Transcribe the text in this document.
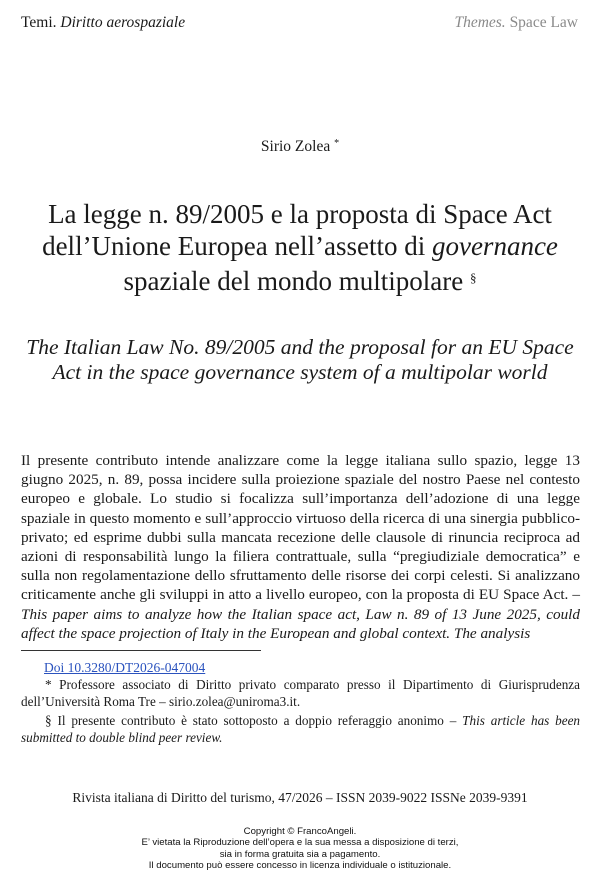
Temi. Diritto aerospaziale	Themes. Space Law
Sirio Zolea *
La legge n. 89/2005 e la proposta di Space Act dell’Unione Europea nell’assetto di governance spaziale del mondo multipolare §

The Italian Law No. 89/2005 and the proposal for an EU Space Act in the space governance system of a multipolar world

Il presente contributo intende analizzare come la legge italiana sullo spazio, legge 13 giugno 2025, n. 89, possa incidere sulla proiezione spaziale del nostro Paese nel contesto europeo e globale. Lo studio si focalizza sull’importanza dell’adozione di una legge spaziale in questo momento e sull’approccio virtuoso della ricerca di una sinergia pubblico-privato; ed esprime dubbi sulla mancata recezione delle clausole di rinuncia reciproca ad azioni di responsabilità lungo la filiera contrattuale, sulla “pregiudiziale democratica” e sulla non regolamentazione dello sfruttamento delle risorse dei corpi celesti. Si analizzano criticamente anche gli sviluppi in atto a livello europeo, con la proposta di EU Space Act. – This paper aims to analyze how the Italian space act, Law n. 89 of 13 June 2025, could affect the space projection of Italy in the European and global context. The analysis

Doi 10.3280/DT2026-047004

* Professore associato di Diritto privato comparato presso il Dipartimento di Giurisprudenza dell’Università Roma Tre – sirio.zolea@uniroma3.it.

§ Il presente contributo è stato sottoposto a doppio referaggio anonimo – This article has been submitted to double blind peer review.

Rivista italiana di Diritto del turismo, 47/2026 – ISSN 2039-9022 ISSNe 2039-9391
Copyright © FrancoAngeli.
E’ vietata la Riproduzione dell’opera e la sua messa a disposizione di terzi,
sia in forma gratuita sia a pagamento.
Il documento può essere concesso in licenza individuale o istituzionale.
